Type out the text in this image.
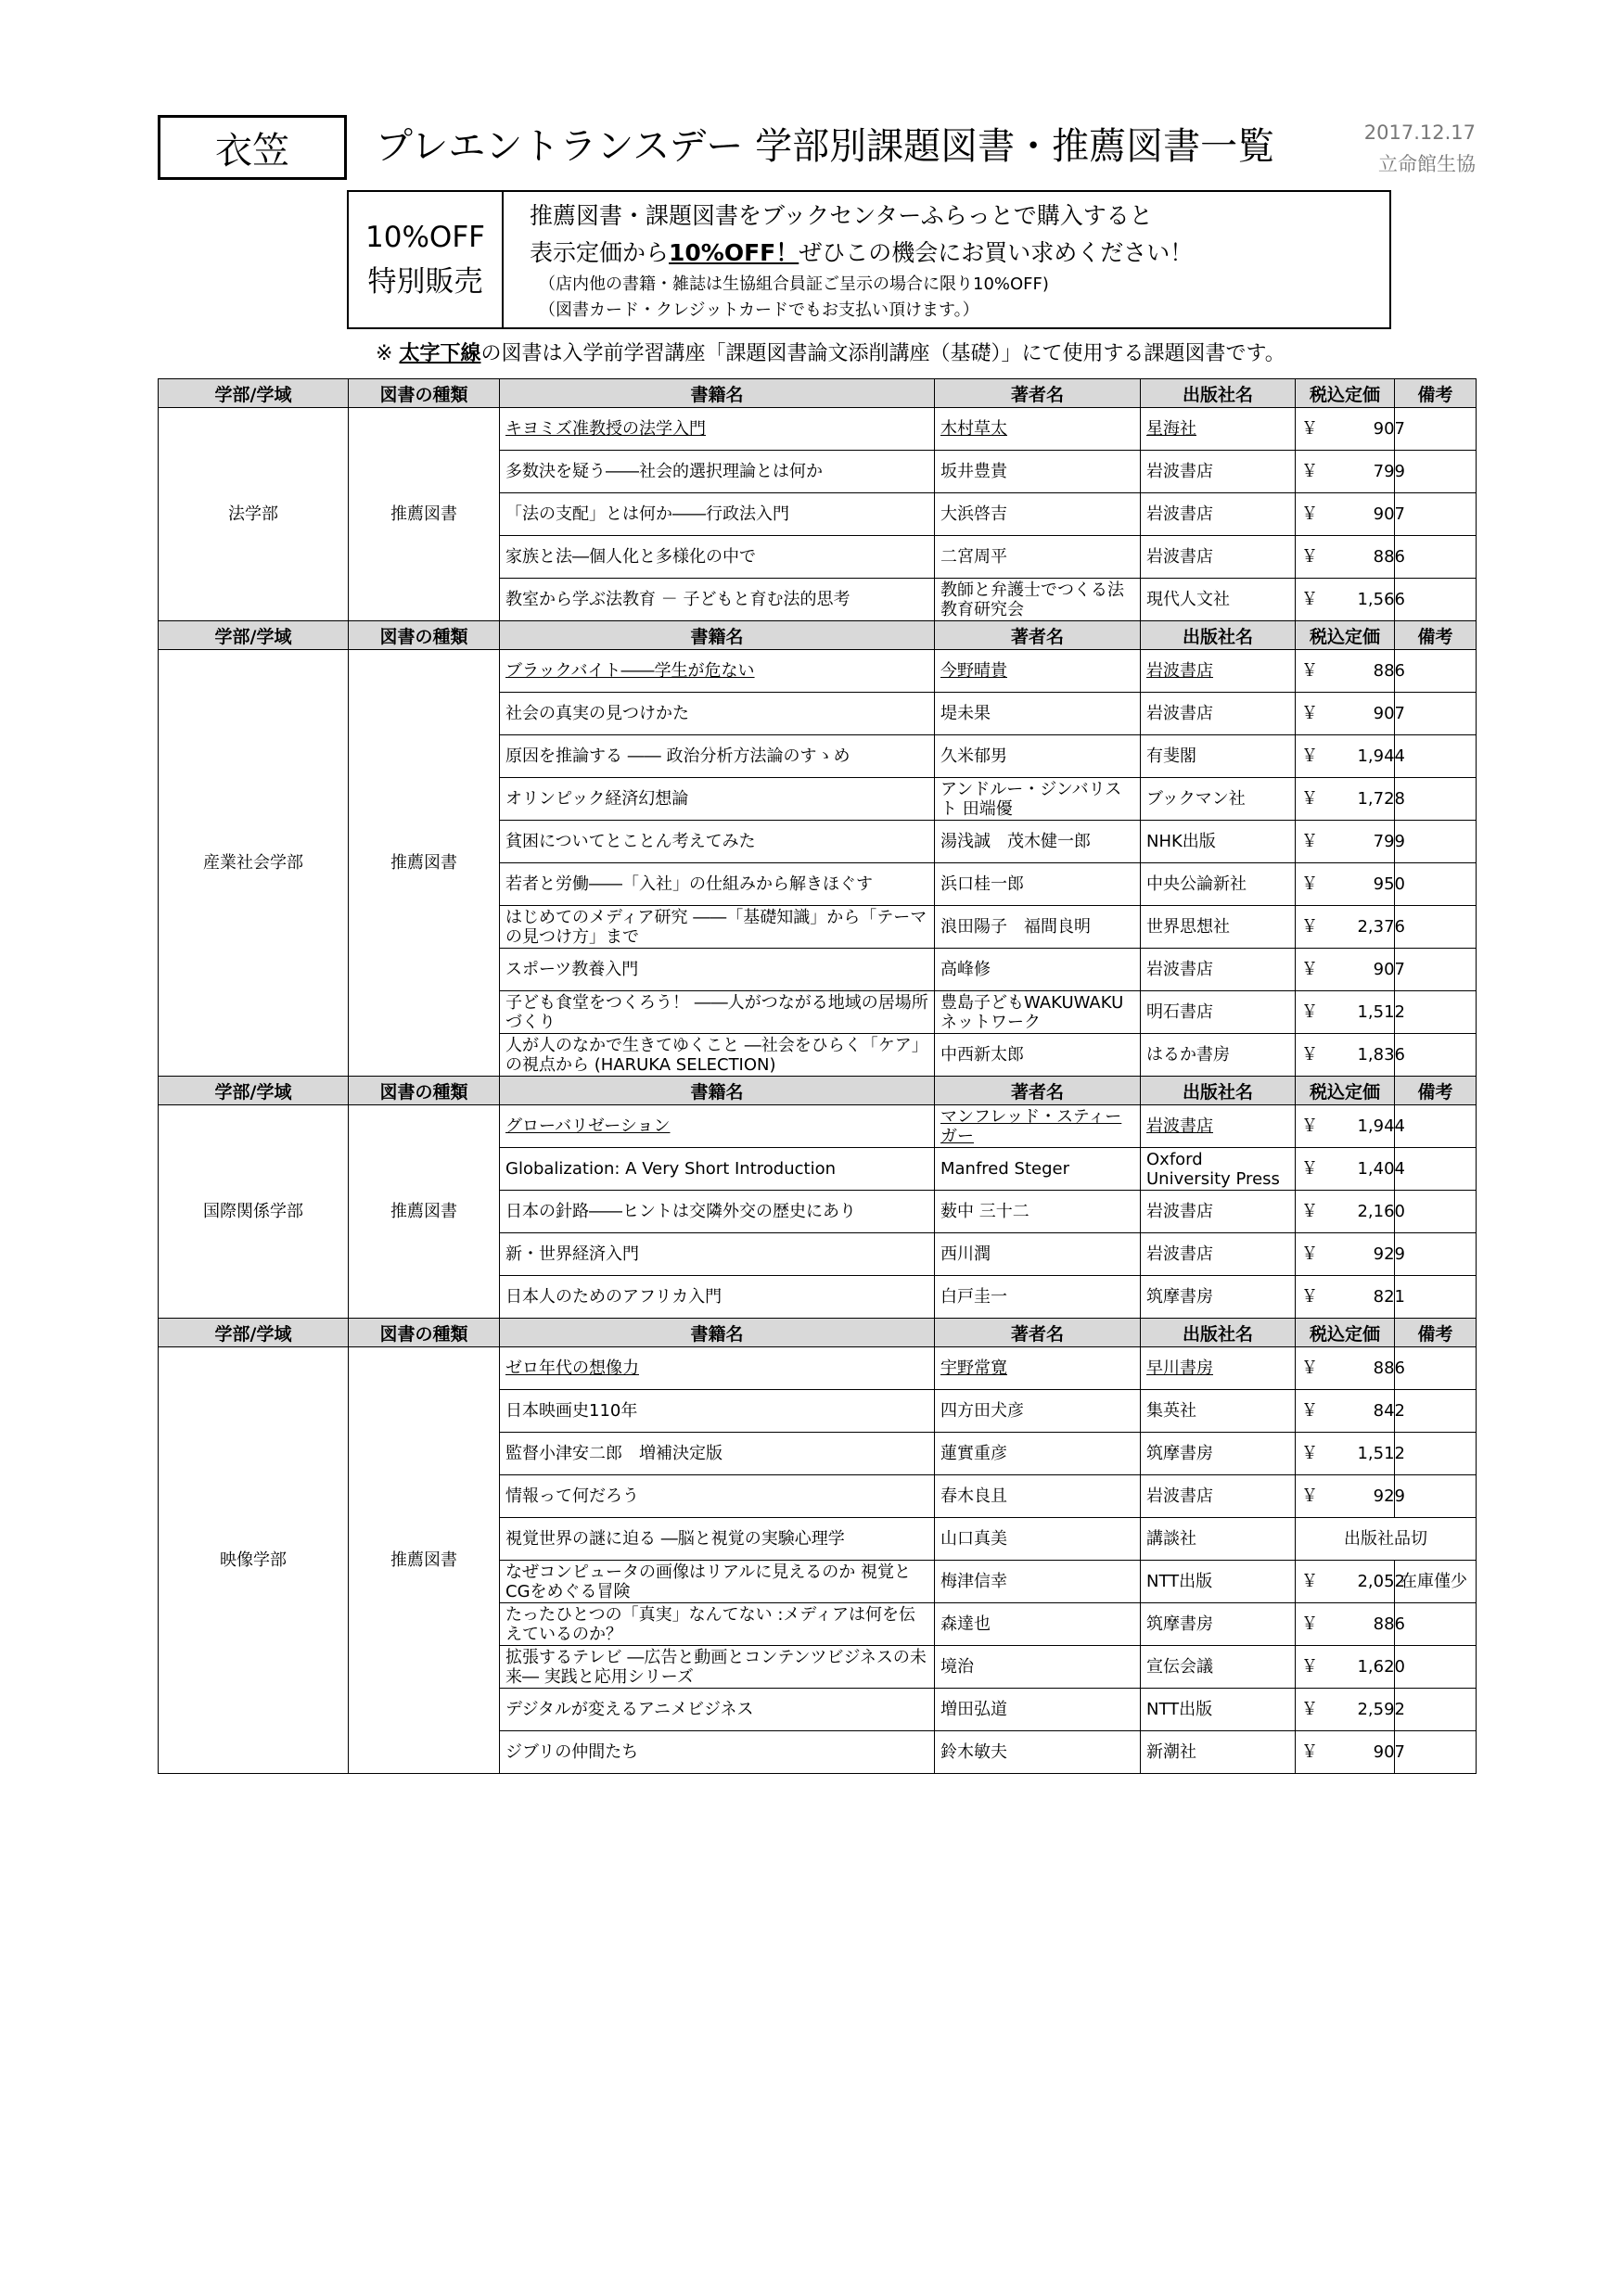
衣笠 プレエントランスデー 学部別課題図書・推薦図書一覧	2017.12.17
立命館生協
10%OFF
特別販売
推薦図書・課題図書をブックセンターふらっとで購入すると
表示定価から10%OFF！ぜひこの機会にお買い求めください！
（店内他の書籍・雑誌は生協組合員証ご呈示の場合に限り10%OFF)
（図書カード・クレジットカードでもお支払い頂けます。）
※ 太字下線の図書は入学前学習講座「課題図書論文添削講座（基礎）」にて使用する課題図書です。
学部/学域	図書の種類	書籍名	著者名	出版社名	税込定価	備考
法学部	推薦図書	キヨミズ准教授の法学入門	木村草太	星海社	￥ 907	
		多数決を疑う――社会的選択理論とは何か	坂井豊貴	岩波書店	￥ 799	
		「法の支配」とは何か――行政法入門	大浜啓吉	岩波書店	￥ 907	
		家族と法―個人化と多様化の中で	二宮周平	岩波書店	￥ 886	
		教室から学ぶ法教育 － 子どもと育む法的思考	教師と弁護士でつくる法教育研究会	現代人文社	￥ 1,566	
学部/学域	図書の種類	書籍名	著者名	出版社名	税込定価	備考
産業社会学部	推薦図書	ブラックバイト――学生が危ない	今野晴貴	岩波書店	￥ 886	
		社会の真実の見つけかた	堤未果	岩波書店	￥ 907	
		原因を推論する ―― 政治分析方法論のすゝめ	久米郁男	有斐閣	￥ 1,944	
		オリンピック経済幻想論	アンドルー・ジンバリスト 田端優	ブックマン社	￥ 1,728	
		貧困についてとことん考えてみた	湯浅誠　茂木健一郎	NHK出版	￥ 799	
		若者と労働――「入社」の仕組みから解きほぐす	浜口桂一郎	中央公論新社	￥ 950	
		はじめてのメディア研究 ――「基礎知識」から「テーマの見つけ方」まで	浪田陽子　福間良明	世界思想社	￥ 2,376	
		スポーツ教養入門	高峰修	岩波書店	￥ 907	
		子ども食堂をつくろう！ ――人がつながる地域の居場所づくり	豊島子どもWAKUWAKUネットワーク	明石書店	￥ 1,512	
		人が人のなかで生きてゆくこと ―社会をひらく「ケア」の視点から (HARUKA SELECTION)	中西新太郎	はるか書房	￥ 1,836	
学部/学域	図書の種類	書籍名	著者名	出版社名	税込定価	備考
国際関係学部	推薦図書	グローバリゼーション	マンフレッド・スティーガー	岩波書店	￥ 1,944	
		Globalization: A Very Short Introduction	Manfred Steger	Oxford University Press	￥ 1,404	
		日本の針路――ヒントは交隣外交の歴史にあり	薮中 三十二	岩波書店	￥ 2,160	
		新・世界経済入門	西川潤	岩波書店	￥ 929	
		日本人のためのアフリカ入門	白戸圭一	筑摩書房	￥ 821	
学部/学域	図書の種類	書籍名	著者名	出版社名	税込定価	備考
映像学部	推薦図書	ゼロ年代の想像力	宇野常寛	早川書房	￥ 886	
		日本映画史110年	四方田犬彦	集英社	￥ 842	
		監督小津安二郎　増補決定版	蓮實重彦	筑摩書房	￥ 1,512	
		情報って何だろう	春木良且	岩波書店	￥ 929	
		視覚世界の謎に迫る ―脳と視覚の実験心理学	山口真美	講談社	出版社品切	
		なぜコンピュータの画像はリアルに見えるのか 視覚とCGをめぐる冒険	梅津信幸	NTT出版	￥ 2,052	在庫僅少
		たったひとつの「真実」なんてない :メディアは何を伝えているのか？	森達也	筑摩書房	￥ 886	
		拡張するテレビ ―広告と動画とコンテンツビジネスの未来― 実践と応用シリーズ	境治	宣伝会議	￥ 1,620	
		デジタルが変えるアニメビジネス	増田弘道	NTT出版	￥ 2,592	
		ジブリの仲間たち	鈴木敏夫	新潮社	￥ 907	
